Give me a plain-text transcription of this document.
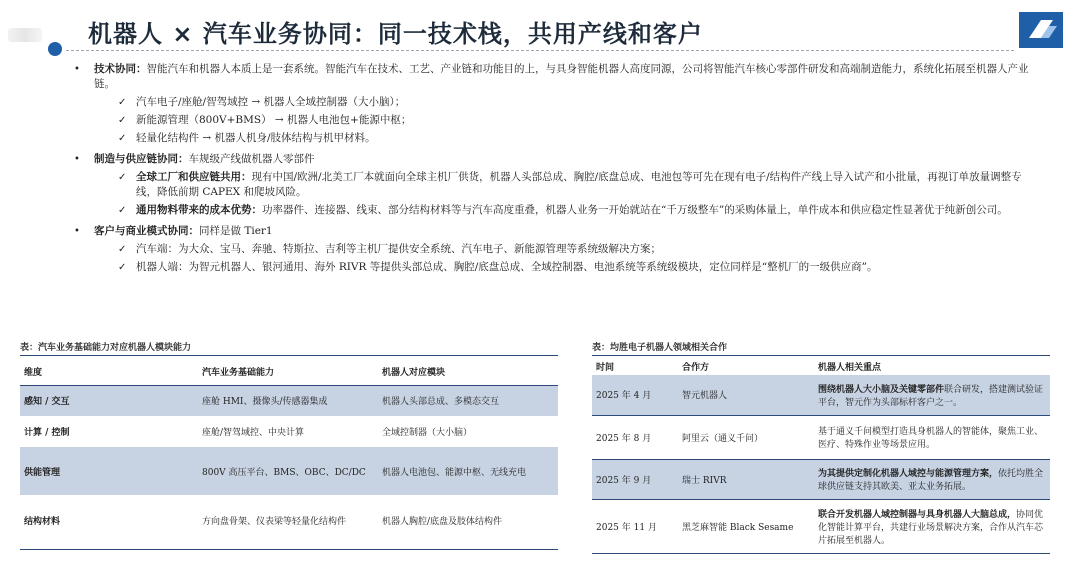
机器人 × 汽车业务协同：同一技术栈，共用产线和客户
• 技术协同：智能汽车和机器人本质上是一套系统。智能汽车在技术、工艺、产业链和功能目的上，与具身智能机器人高度同源，公司将智能汽车核心零部件研发和高端制造能力，系统化拓展至机器人产业链。
✓ 汽车电子/座舱/智驾域控 → 机器人全域控制器（大小脑）；
✓ 新能源管理（800V+BMS） → 机器人电池包+能源中枢；
✓ 轻量化结构件 → 机器人机身/肢体结构与机甲材料。
• 制造与供应链协同：车规级产线做机器人零部件
✓ 全球工厂和供应链共用：现有中国/欧洲/北美工厂本就面向全球主机厂供货，机器人头部总成、胸腔/底盘总成、电池包等可先在现有电子/结构件产线上导入试产和小批量，再视订单放量调整专线，降低前期 CAPEX 和爬坡风险。
✓ 通用物料带来的成本优势：功率器件、连接器、线束、部分结构材料等与汽车高度重叠，机器人业务一开始就站在“千万级整车”的采购体量上，单件成本和供应稳定性显著优于纯新创公司。
• 客户与商业模式协同：同样是做 Tier1
✓ 汽车端：为大众、宝马、奔驰、特斯拉、吉利等主机厂提供安全系统、汽车电子、新能源管理等系统级解决方案；
✓ 机器人端：为智元机器人、银河通用、海外 RIVR 等提供头部总成、胸腔/底盘总成、全域控制器、电池系统等系统级模块，定位同样是“整机厂的一级供应商”。
表：汽车业务基础能力对应机器人模块能力
维度	汽车业务基础能力	机器人对应模块
感知 / 交互	座舱 HMI、摄像头/传感器集成	机器人头部总成、多模态交互
计算 / 控制	座舱/智驾域控、中央计算	全域控制器（大小脑）
供能管理	800V 高压平台、BMS、OBC、DC/DC	机器人电池包、能源中枢、无线充电
结构材料	方向盘骨架、仪表梁等轻量化结构件	机器人胸腔/底盘及肢体结构件
表：均胜电子机器人领域相关合作
时间	合作方	机器人相关重点
2025 年 4 月	智元机器人	围绕机器人大小脑及关键零部件联合研发，搭建测试验证平台，智元作为头部标杆客户之一。
2025 年 8 月	阿里云（通义千问）	基于通义千问模型打造具身机器人的智能体，聚焦工业、医疗、特殊作业等场景应用。
2025 年 9 月	瑞士 RIVR	为其提供定制化机器人域控与能源管理方案，依托均胜全球供应链支持其欧美、亚太业务拓展。
2025 年 11 月	黑芝麻智能 Black Sesame	联合开发机器人域控制器与具身机器人大脑总成，协同优化智能计算平台，共建行业场景解决方案，合作从汽车芯片拓展至机器人。
